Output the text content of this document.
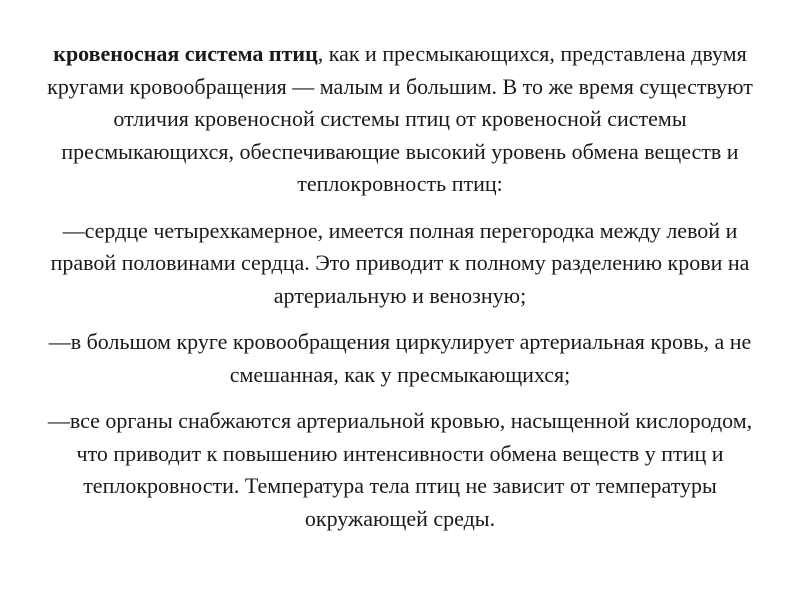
кровеносная система птиц, как и пресмыкающихся, представлена двумя кругами кровообращения — малым и большим. В то же время существуют отличия кровеносной системы птиц от кровеносной системы пресмыкающихся, обеспечивающие высокий уровень обмена веществ и теплокровность птиц:

—сердце четырехкамерное, имеется полная перегородка между левой и правой половинами сердца. Это приводит к полному разделению крови на артериальную и венозную;

—в большом круге кровообращения циркулирует артериальная кровь, а не смешанная, как у пресмыкающихся;

—все органы снабжаются артериальной кровью, насыщенной кислородом, что приводит к повышению интенсивности обмена веществ у птиц и теплокровности. Температура тела птиц не зависит от температуры окружающей среды.
